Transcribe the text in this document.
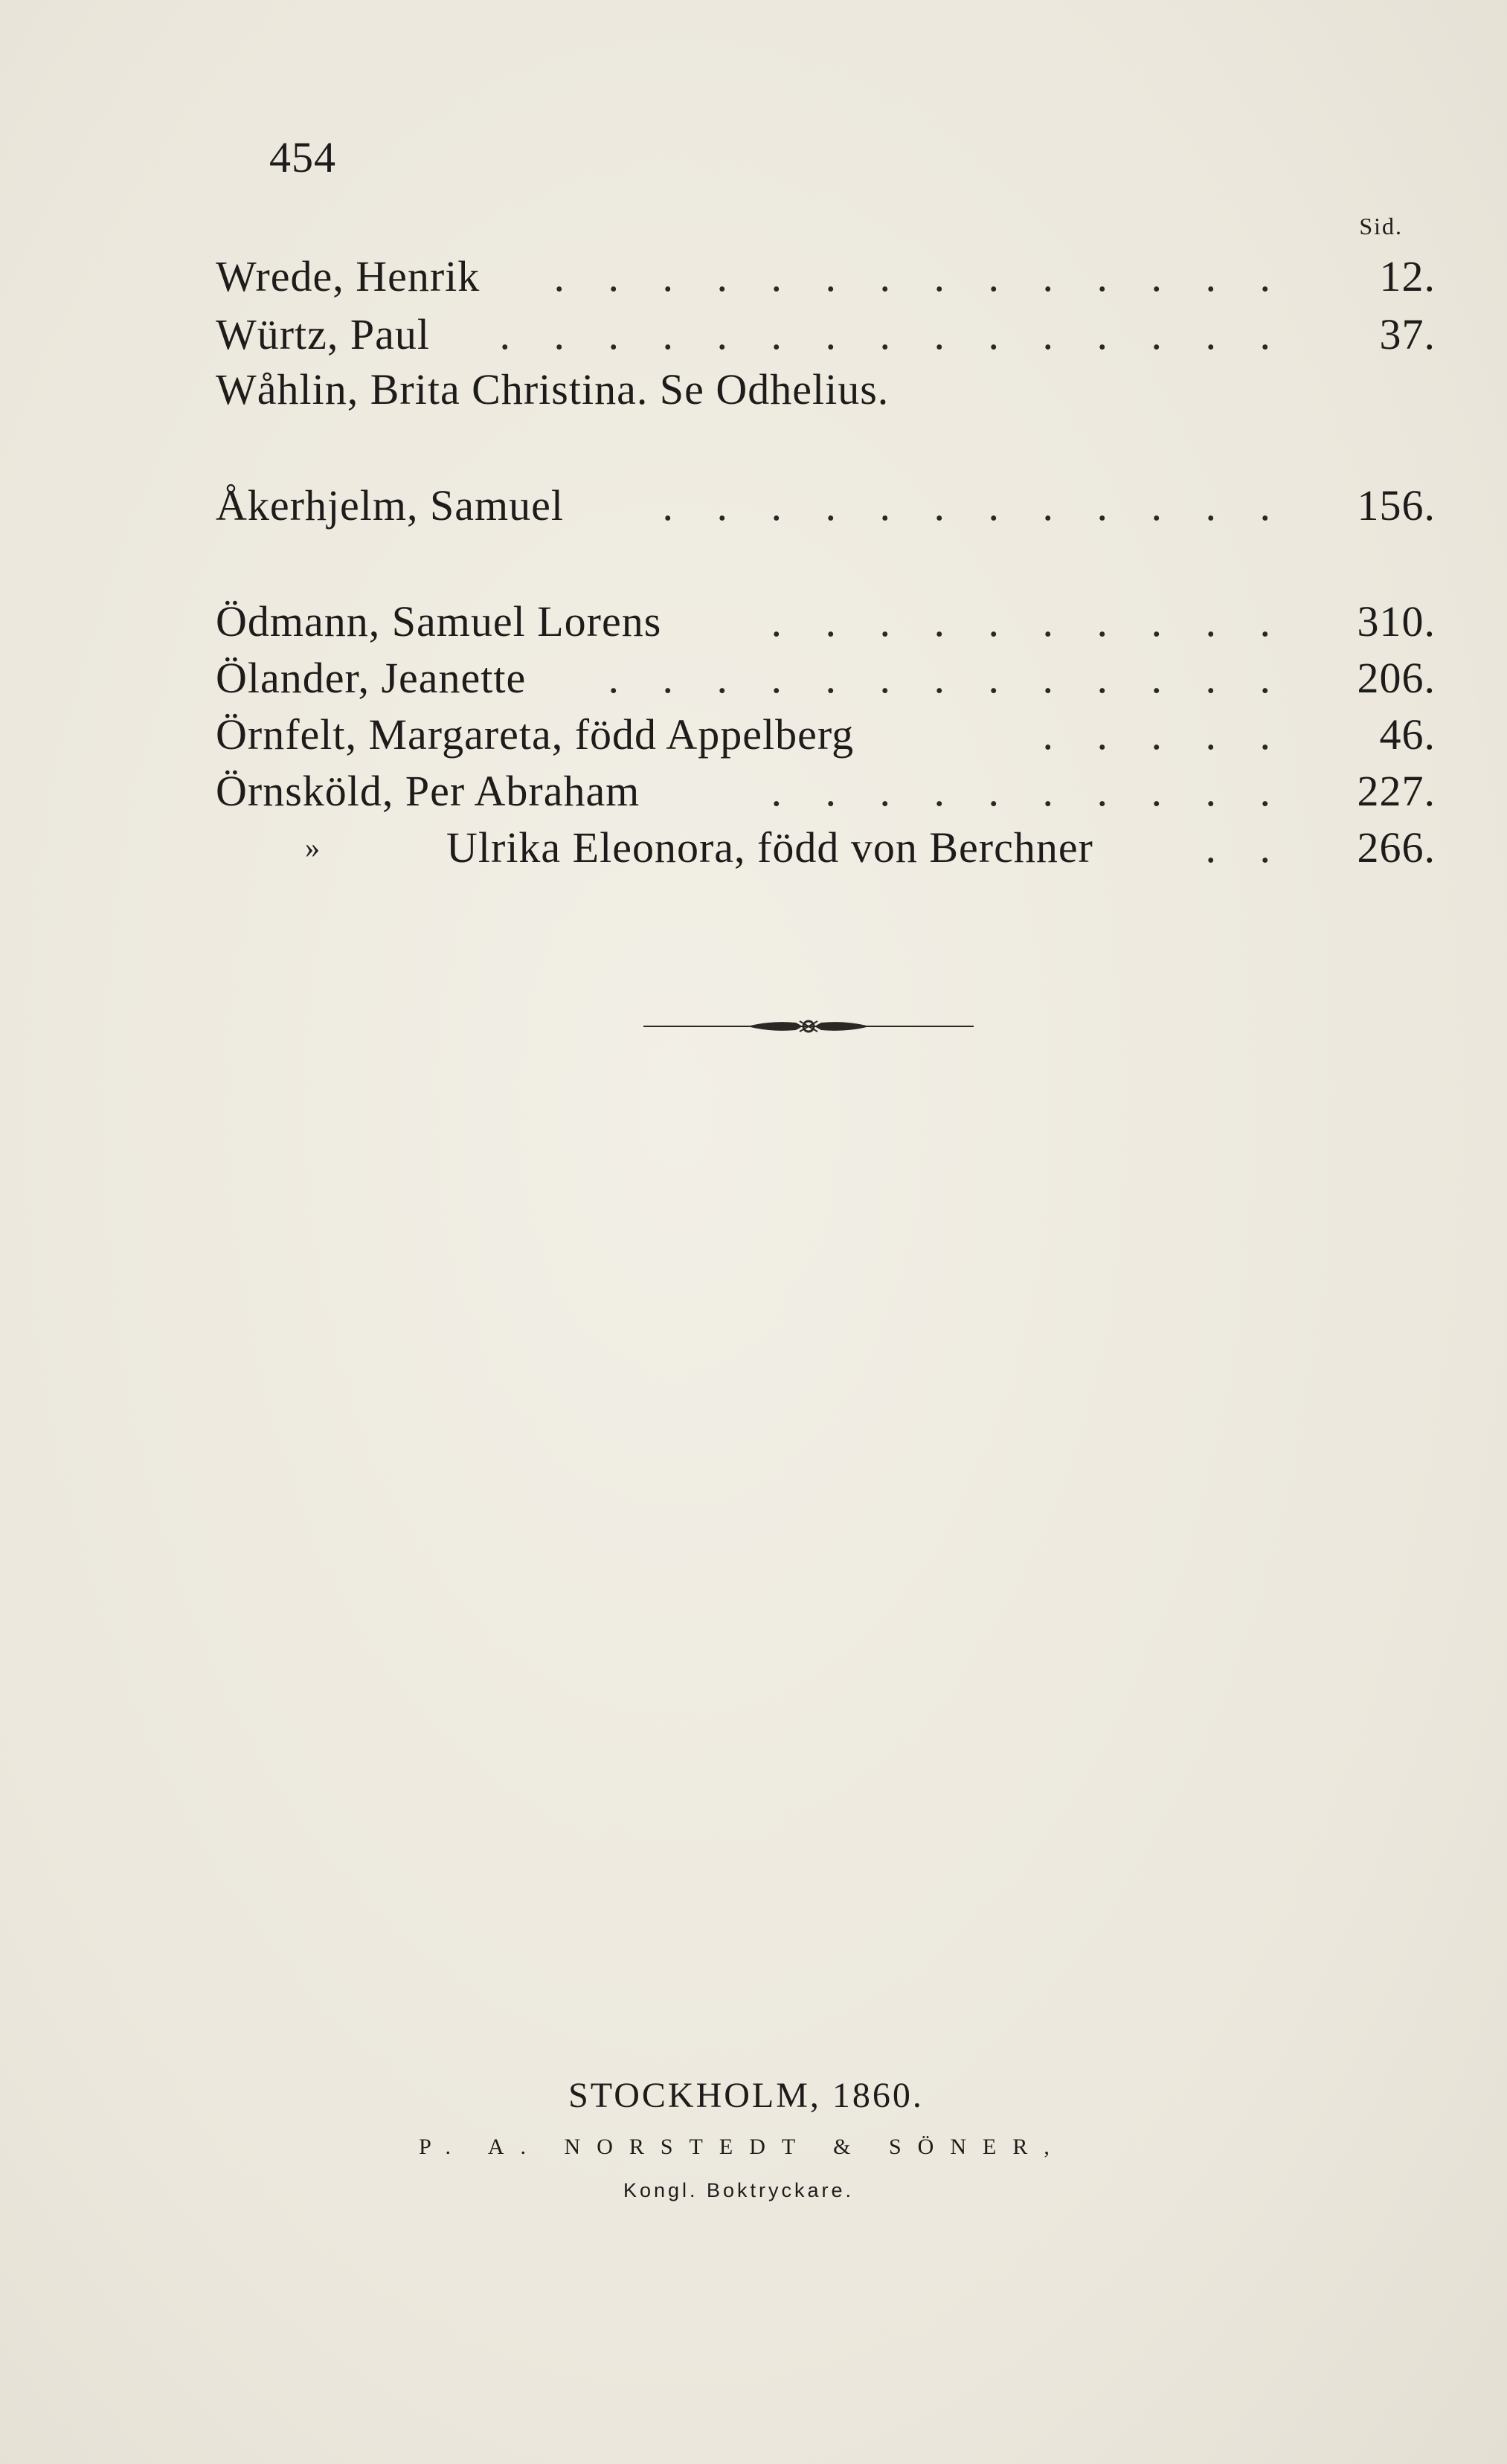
454
Sid.
Wrede, Henrik . . . . . . . . . . . . . . 12.
Würtz, Paul . . . . . . . . . . . . . . . 37.
Wåhlin, Brita Christina. Se Odhelius.
Åkerhjelm, Samuel . . . . . . . . . . . . 156.
Ödmann, Samuel Lorens	. . . . . . . . . . 310.
Ölander, Jeanette . . . . . . . . . . . . . 206.
Örnfelt, Margareta, född Appelberg	. . . . . 46.
Örnsköld, Per Abraham	. . . . . . . . . . 227.
»	Ulrika Eleonora, född von Berchner	. . 266.
STOCKHOLM, 1860.
P. A. NORSTEDT & SÖNER,
Kongl. Boktryckare.
